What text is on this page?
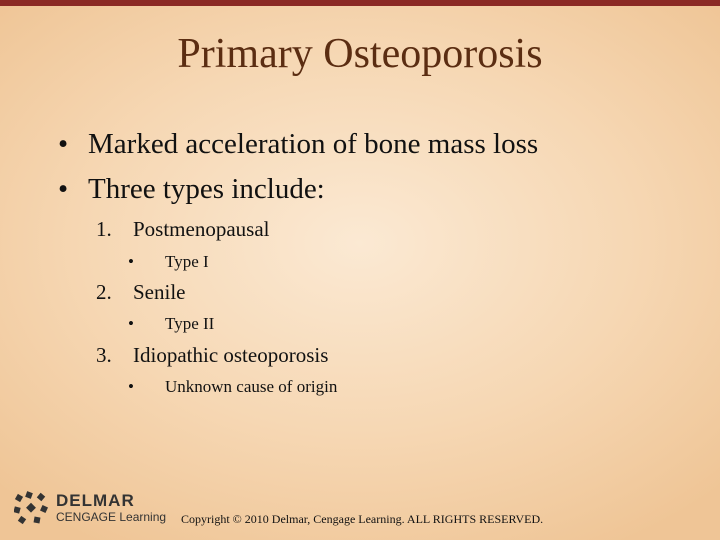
Primary Osteoporosis
• Marked acceleration of bone mass loss
• Three types include:
1. Postmenopausal
• Type I
2. Senile
• Type II
3. Idiopathic osteoporosis
• Unknown cause of origin
DELMAR
CENGAGE Learning Copyright © 2010 Delmar, Cengage Learning. ALL RIGHTS RESERVED.
